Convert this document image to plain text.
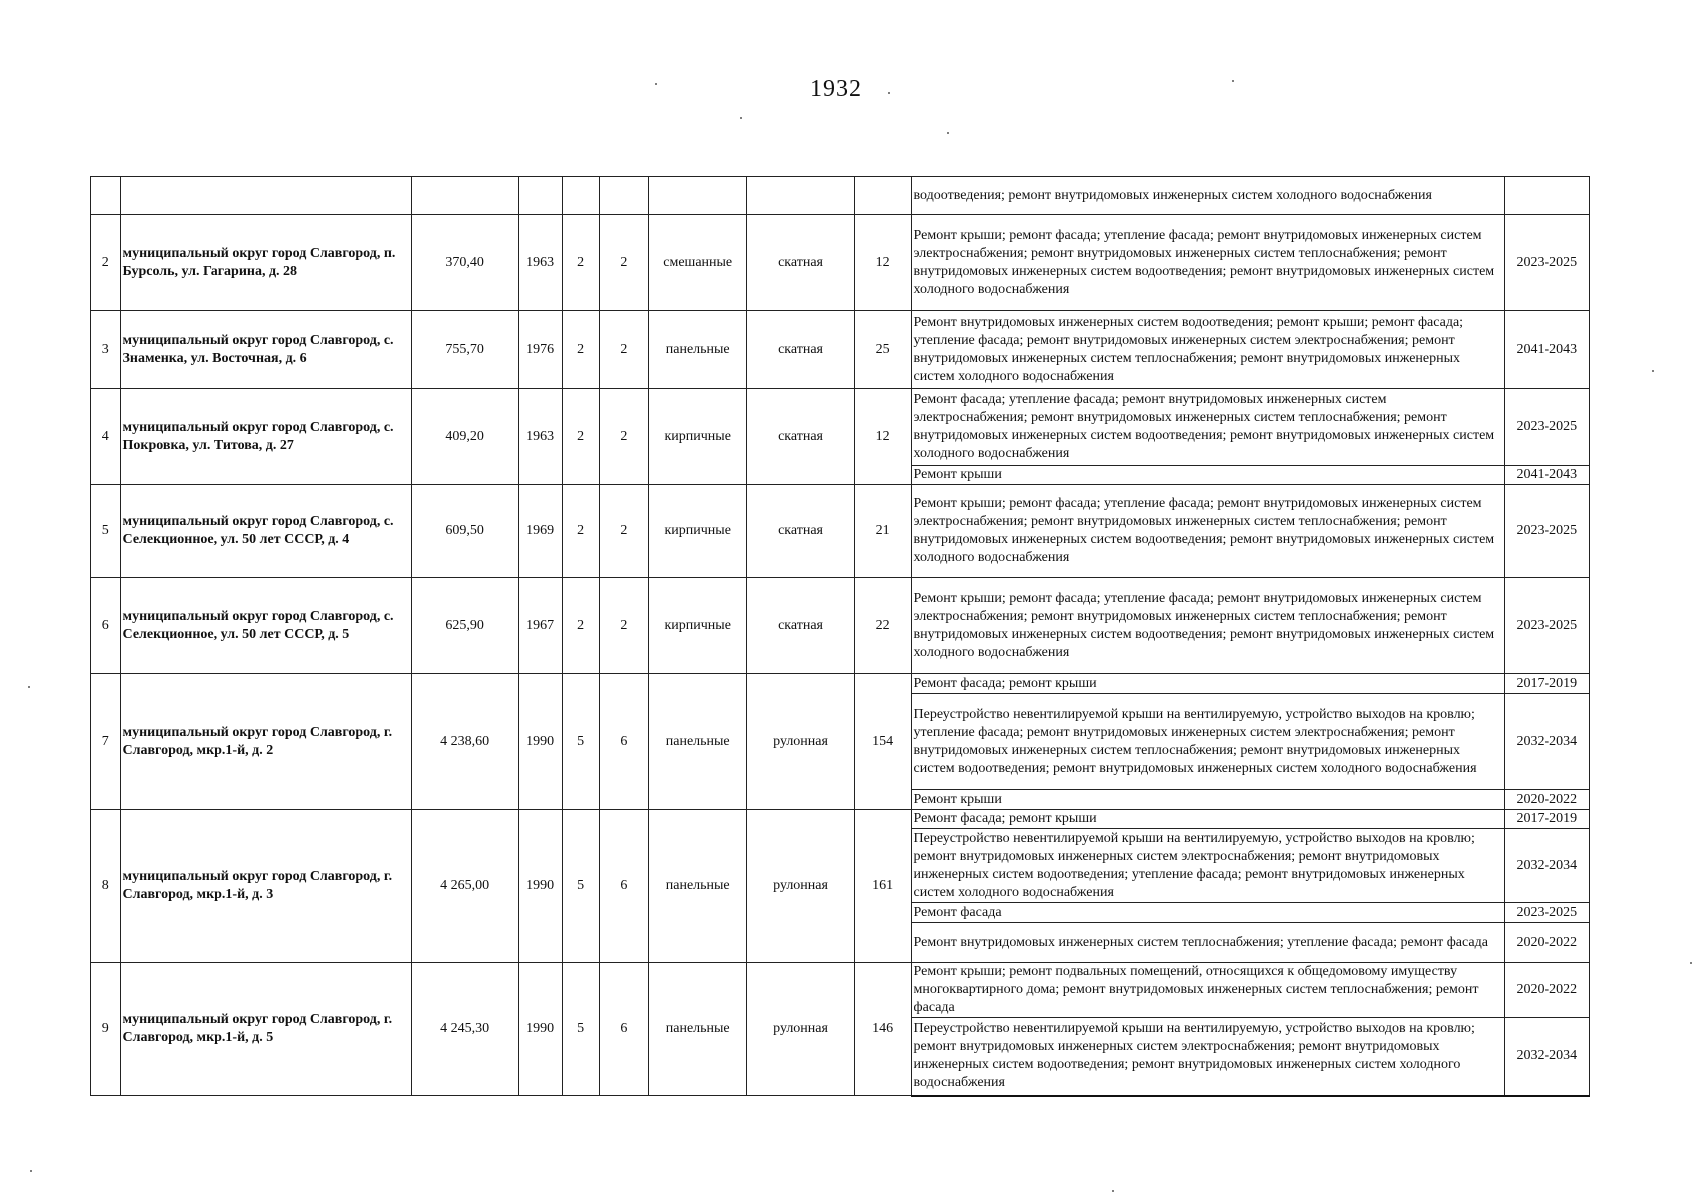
1932
									водоотведения; ремонт внутридомовых инженерных систем холодного водоснабжения	
2	муниципальный округ город Славгород, п. Бурсоль, ул. Гагарина, д. 28	370,40	1963	2	2	смешанные	скатная	12	Ремонт крыши; ремонт фасада; утепление фасада; ремонт внутридомовых инженерных систем электроснабжения; ремонт внутридомовых инженерных систем теплоснабжения; ремонт внутридомовых инженерных систем водоотведения; ремонт внутридомовых инженерных систем холодного водоснабжения	2023-2025
3	муниципальный округ город Славгород, с. Знаменка, ул. Восточная, д. 6	755,70	1976	2	2	панельные	скатная	25	Ремонт внутридомовых инженерных систем водоотведения; ремонт крыши; ремонт фасада; утепление фасада; ремонт внутридомовых инженерных систем электроснабжения; ремонт внутридомовых инженерных систем теплоснабжения; ремонт внутридомовых инженерных систем холодного водоснабжения	2041-2043
4	муниципальный округ город Славгород, с. Покровка, ул. Титова, д. 27	409,20	1963	2	2	кирпичные	скатная	12	Ремонт фасада; утепление фасада; ремонт внутридомовых инженерных систем электроснабжения; ремонт внутридомовых инженерных систем теплоснабжения; ремонт внутридомовых инженерных систем водоотведения; ремонт внутридомовых инженерных систем холодного водоснабжения	2023-2025
									Ремонт крыши	2041-2043
5	муниципальный округ город Славгород, с. Селекционное, ул. 50 лет СССР, д. 4	609,50	1969	2	2	кирпичные	скатная	21	Ремонт крыши; ремонт фасада; утепление фасада; ремонт внутридомовых инженерных систем электроснабжения; ремонт внутридомовых инженерных систем теплоснабжения; ремонт внутридомовых инженерных систем водоотведения; ремонт внутридомовых инженерных систем холодного водоснабжения	2023-2025
6	муниципальный округ город Славгород, с. Селекционное, ул. 50 лет СССР, д. 5	625,90	1967	2	2	кирпичные	скатная	22	Ремонт крыши; ремонт фасада; утепление фасада; ремонт внутридомовых инженерных систем электроснабжения; ремонт внутридомовых инженерных систем теплоснабжения; ремонт внутридомовых инженерных систем водоотведения; ремонт внутридомовых инженерных систем холодного водоснабжения	2023-2025
7	муниципальный округ город Славгород, г. Славгород, мкр.1-й, д. 2	4 238,60	1990	5	6	панельные	рулонная	154	Ремонт фасада; ремонт крыши	2017-2019
									Переустройство невентилируемой крыши на вентилируемую, устройство выходов на кровлю; утепление фасада; ремонт внутридомовых инженерных систем электроснабжения; ремонт внутридомовых инженерных систем теплоснабжения; ремонт внутридомовых инженерных систем водоотведения; ремонт внутридомовых инженерных систем холодного водоснабжения	2032-2034
									Ремонт крыши	2020-2022
8	муниципальный округ город Славгород, г. Славгород, мкр.1-й, д. 3	4 265,00	1990	5	6	панельные	рулонная	161	Ремонт фасада; ремонт крыши	2017-2019
									Переустройство невентилируемой крыши на вентилируемую, устройство выходов на кровлю; ремонт внутридомовых инженерных систем электроснабжения; ремонт внутридомовых инженерных систем водоотведения; утепление фасада; ремонт внутридомовых инженерных систем холодного водоснабжения	2032-2034
									Ремонт фасада	2023-2025
									Ремонт внутридомовых инженерных систем теплоснабжения; утепление фасада; ремонт фасада	2020-2022
9	муниципальный округ город Славгород, г. Славгород, мкр.1-й, д. 5	4 245,30	1990	5	6	панельные	рулонная	146	Ремонт крыши; ремонт подвальных помещений, относящихся к общедомовому имуществу многоквартирного дома; ремонт внутридомовых инженерных систем теплоснабжения; ремонт фасада	2020-2022
									Переустройство невентилируемой крыши на вентилируемую, устройство выходов на кровлю; ремонт внутридомовых инженерных систем электроснабжения; ремонт внутридомовых инженерных систем водоотведения; ремонт внутридомовых инженерных систем холодного водоснабжения	2032-2034
